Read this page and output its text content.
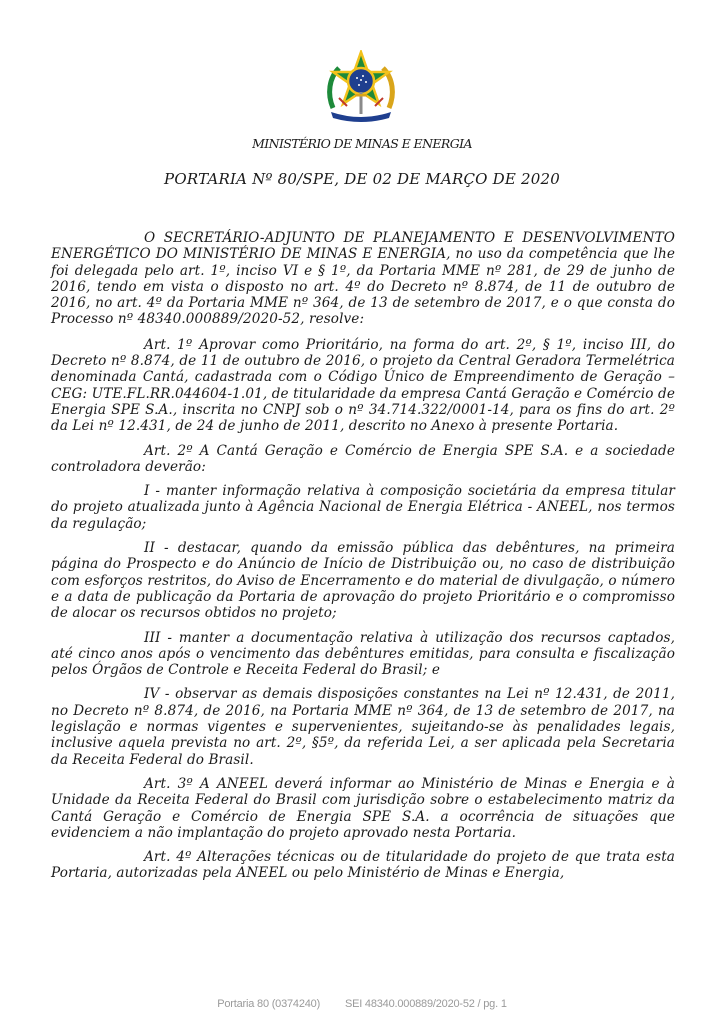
MINISTÉRIO DE MINAS E ENERGIA
PORTARIA Nº 80/SPE, DE 02 DE MARÇO DE 2020

O SECRETÁRIO-ADJUNTO DE PLANEJAMENTO E DESENVOLVIMENTO ENERGÉTICO DO MINISTÉRIO DE MINAS E ENERGIA, no uso da competência que lhe foi delegada pelo art. 1º, inciso VI e § 1º, da Portaria MME nº 281, de 29 de junho de 2016, tendo em vista o disposto no art. 4º do Decreto nº 8.874, de 11 de outubro de 2016, no art. 4º da Portaria MME nº 364, de 13 de setembro de 2017, e o que consta do Processo nº 48340.000889/2020-52, resolve:

Art. 1º Aprovar como Prioritário, na forma do art. 2º, § 1º, inciso III, do Decreto nº 8.874, de 11 de outubro de 2016, o projeto da Central Geradora Termelétrica denominada Cantá, cadastrada com o Código Único de Empreendimento de Geração – CEG: UTE.FL.RR.044604-1.01, de titularidade da empresa Cantá Geração e Comércio de Energia SPE S.A., inscrita no CNPJ sob o nº 34.714.322/0001-14, para os fins do art. 2º da Lei nº 12.431, de 24 de junho de 2011, descrito no Anexo à presente Portaria.

Art. 2º A Cantá Geração e Comércio de Energia SPE S.A. e a sociedade controladora deverão:

I - manter informação relativa à composição societária da empresa titular do projeto atualizada junto à Agência Nacional de Energia Elétrica - ANEEL, nos termos da regulação;

II - destacar, quando da emissão pública das debêntures, na primeira página do Prospecto e do Anúncio de Início de Distribuição ou, no caso de distribuição com esforços restritos, do Aviso de Encerramento e do material de divulgação, o número e a data de publicação da Portaria de aprovação do projeto Prioritário e o compromisso de alocar os recursos obtidos no projeto;

III - manter a documentação relativa à utilização dos recursos captados, até cinco anos após o vencimento das debêntures emitidas, para consulta e fiscalização pelos Órgãos de Controle e Receita Federal do Brasil; e

IV - observar as demais disposições constantes na Lei nº 12.431, de 2011, no Decreto nº 8.874, de 2016, na Portaria MME nº 364, de 13 de setembro de 2017, na legislação e normas vigentes e supervenientes, sujeitando-se às penalidades legais, inclusive aquela prevista no art. 2º, §5º, da referida Lei, a ser aplicada pela Secretaria da Receita Federal do Brasil.

Art. 3º A ANEEL deverá informar ao Ministério de Minas e Energia e à Unidade da Receita Federal do Brasil com jurisdição sobre o estabelecimento matriz da Cantá Geração e Comércio de Energia SPE S.A. a ocorrência de situações que evidenciem a não implantação do projeto aprovado nesta Portaria.

Art. 4º Alterações técnicas ou de titularidade do projeto de que trata esta Portaria, autorizadas pela ANEEL ou pelo Ministério de Minas e Energia,

Portaria 80 (0374240) SEI 48340.000889/2020-52 / pg. 1
